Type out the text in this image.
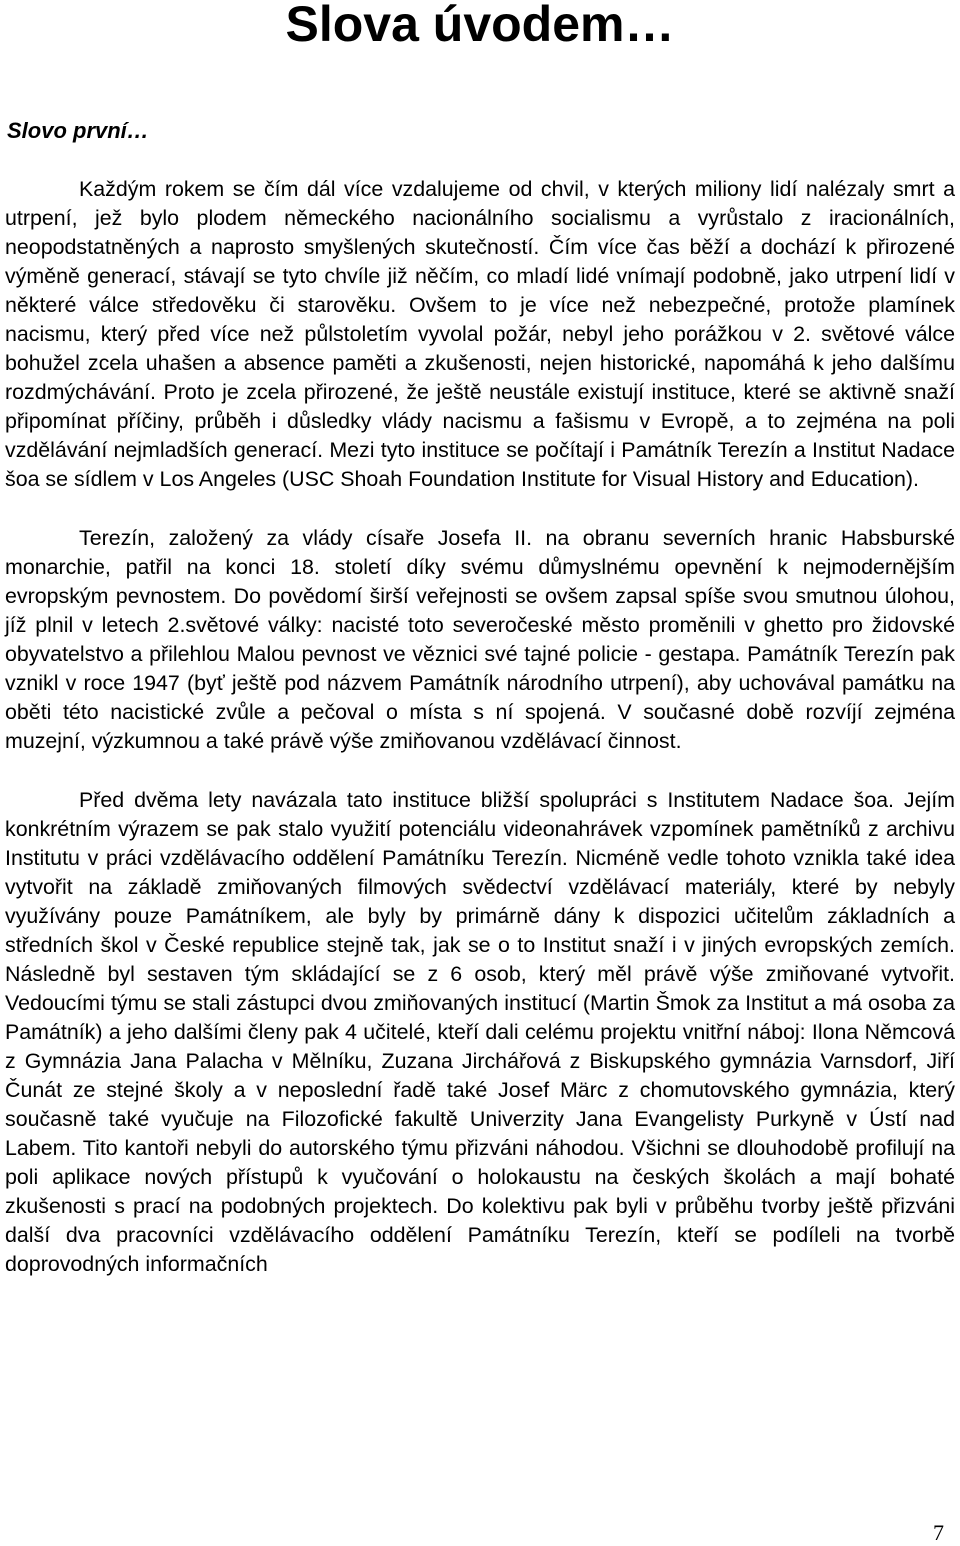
Slova úvodem…
Slovo první…

Každým rokem se čím dál více vzdalujeme od chvil, v kterých miliony lidí nalézaly smrt a utrpení, jež bylo plodem německého nacionálního socialismu a vyrůstalo z iracionálních, neopodstatněných a naprosto smyšlených skutečností. Čím více čas běží a dochází k přirozené výměně generací, stávají se tyto chvíle již něčím, co mladí lidé vnímají podobně, jako utrpení lidí v některé válce středověku či starověku. Ovšem to je více než nebezpečné, protože plamínek nacismu, který před více než půlstoletím vyvolal požár, nebyl jeho porážkou v 2. světové válce bohužel zcela uhašen a absence paměti a zkušenosti, nejen historické, napomáhá k jeho dalšímu rozdmýchávání. Proto je zcela přirozené, že ještě neustále existují instituce, které se aktivně snaží připomínat příčiny, průběh i důsledky vlády nacismu a fašismu v Evropě, a to zejména na poli vzdělávání nejmladších generací. Mezi tyto instituce se počítají i Památník Terezín a Institut Nadace šoa se sídlem v Los Angeles (USC Shoah Foundation Institute for Visual History and Education).

Terezín, založený za vlády císaře Josefa II. na obranu severních hranic Habsburské monarchie, patřil na konci 18. století díky svému důmyslnému opevnění k nejmodernějším evropským pevnostem. Do povědomí širší veřejnosti se ovšem zapsal spíše svou smutnou úlohou, jíž plnil v letech 2.světové války: nacisté toto severočeské město proměnili v ghetto pro židovské obyvatelstvo a přilehlou Malou pevnost ve věznici své tajné policie - gestapa. Památník Terezín pak vznikl v roce 1947 (byť ještě pod názvem Památník národního utrpení), aby uchovával památku na oběti této nacistické zvůle a pečoval o místa s ní spojená. V současné době rozvíjí zejména muzejní, výzkumnou a také právě výše zmiňovanou vzdělávací činnost.

Před dvěma lety navázala tato instituce bližší spolupráci s Institutem Nadace šoa. Jejím konkrétním výrazem se pak stalo využití potenciálu videonahrávek vzpomínek pamětníků z archivu Institutu v práci vzdělávacího oddělení Památníku Terezín. Nicméně vedle tohoto vznikla také idea vytvořit na základě zmiňovaných filmových svědectví vzdělávací materiály, které by nebyly využívány pouze Památníkem, ale byly by primárně dány k dispozici učitelům základních a středních škol v České republice stejně tak, jak se o to Institut snaží i v jiných evropských zemích. Následně byl sestaven tým skládající se z 6 osob, který měl právě výše zmiňované vytvořit. Vedoucími týmu se stali zástupci dvou zmiňovaných institucí (Martin Šmok za Institut a má osoba za Památník) a jeho dalšími členy pak 4 učitelé, kteří dali celému projektu vnitřní náboj: Ilona Němcová z Gymnázia Jana Palacha v Mělníku, Zuzana Jirchářová z Biskupského gymnázia Varnsdorf, Jiří Čunát ze stejné školy a v neposlední řadě také Josef Märc z chomutovského gymnázia, který současně také vyučuje na Filozofické fakultě Univerzity Jana Evangelisty Purkyně v Ústí nad Labem. Tito kantoři nebyli do autorského týmu přizváni náhodou. Všichni se dlouhodobě profilují na poli aplikace nových přístupů k vyučování o holokaustu na českých školách a mají bohaté zkušenosti s prací na podobných projektech. Do kolektivu pak byli v průběhu tvorby ještě přizváni další dva pracovníci vzdělávacího oddělení Památníku Terezín, kteří se podíleli na tvorbě doprovodných informačních

7
